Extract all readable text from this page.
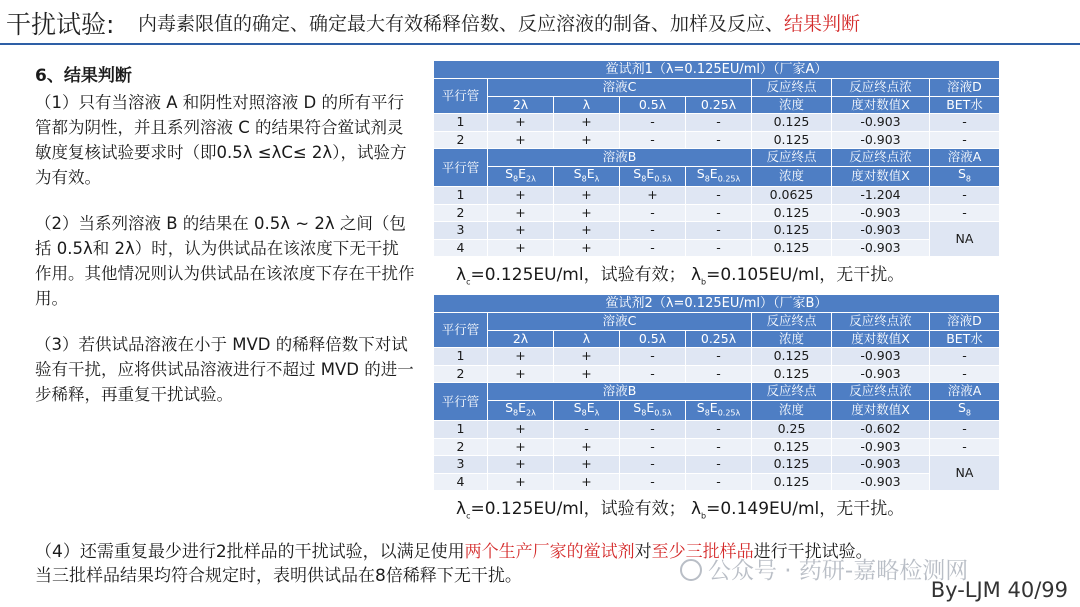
干扰试验: 内毒素限值的确定、确定最大有效稀释倍数、反应溶液的制备、加样及反应、结果判断
6、结果判断

（1）只有当溶液 A 和阴性对照溶液 D 的所有平行管都为阴性，并且系列溶液 C 的结果符合鲎试剂灵敏度复核试验要求时（即0.5λ ≤λC≤ 2λ），试验方为有效。

（2）当系列溶液 B 的结果在 0.5λ ~ 2λ 之间（包括 0.5λ和 2λ）时，认为供试品在该浓度下无干扰作用。其他情况则认为供试品在该浓度下存在干扰作用。

（3）若供试品溶液在小于 MVD 的稀释倍数下对试验有干扰，应将供试品溶液进行不超过 MVD 的进一步稀释，再重复干扰试验。

鲎试剂1（λ=0.125EU/ml）（厂家A）							
平行管	溶液C				反应终点	反应终点浓	溶液D
	2λ	λ	0.5λ	0.25λ	浓度	度对数值X	BET水
1	+	+	-	-	0.125	-0.903	-
2	+	+	-	-	0.125	-0.903	-
平行管	溶液B				反应终点	反应终点浓	溶液A
	$S_8E_{2\lambda}$	$S_8E_\lambda$	$S_8E_{0.5\lambda}$	$S_8E_{0.25\lambda}$	浓度	度对数值X	$S_8$
1	+	+	+	-	0.0625	-1.204	-
2	+	+	-	-	0.125	-0.903	-
3	+	+	-	-	0.125	-0.903	NA
4	+	+	-	-	0.125	-0.903	
$\lambda_c=0.125EU/ml$，试验有效； $\lambda_b=0.105EU/ml$，无干扰。
鲎试剂2（λ=0.125EU/ml）（厂家B）							
平行管	溶液C				反应终点	反应终点浓	溶液D
	2λ	λ	0.5λ	0.25λ	浓度	度对数值X	BET水
1	+	+	-	-	0.125	-0.903	-
2	+	+	-	-	0.125	-0.903	-
平行管	溶液B				反应终点	反应终点浓	溶液A
	$S_8E_{2\lambda}$	$S_8E_\lambda$	$S_8E_{0.5\lambda}$	$S_8E_{0.25\lambda}$	浓度	度对数值X	$S_8$
1	+	-	-	-	0.25	-0.602	-
2	+	+	-	-	0.125	-0.903	-
3	+	+	-	-	0.125	-0.903	NA
4	+	+	-	-	0.125	-0.903	
$\lambda_c=0.125EU/ml$，试验有效； $\lambda_b=0.149EU/ml$，无干扰。
（4）还需重复最少进行2批样品的干扰试验，以满足使用两个生产厂家的鲎试剂对至少三批样品进行干扰试验。
当三批样品结果均符合规定时，表明供试品在8倍稀释下无干扰。	公众号 · 药研-嘉略检测网
By-LJM 40/99
